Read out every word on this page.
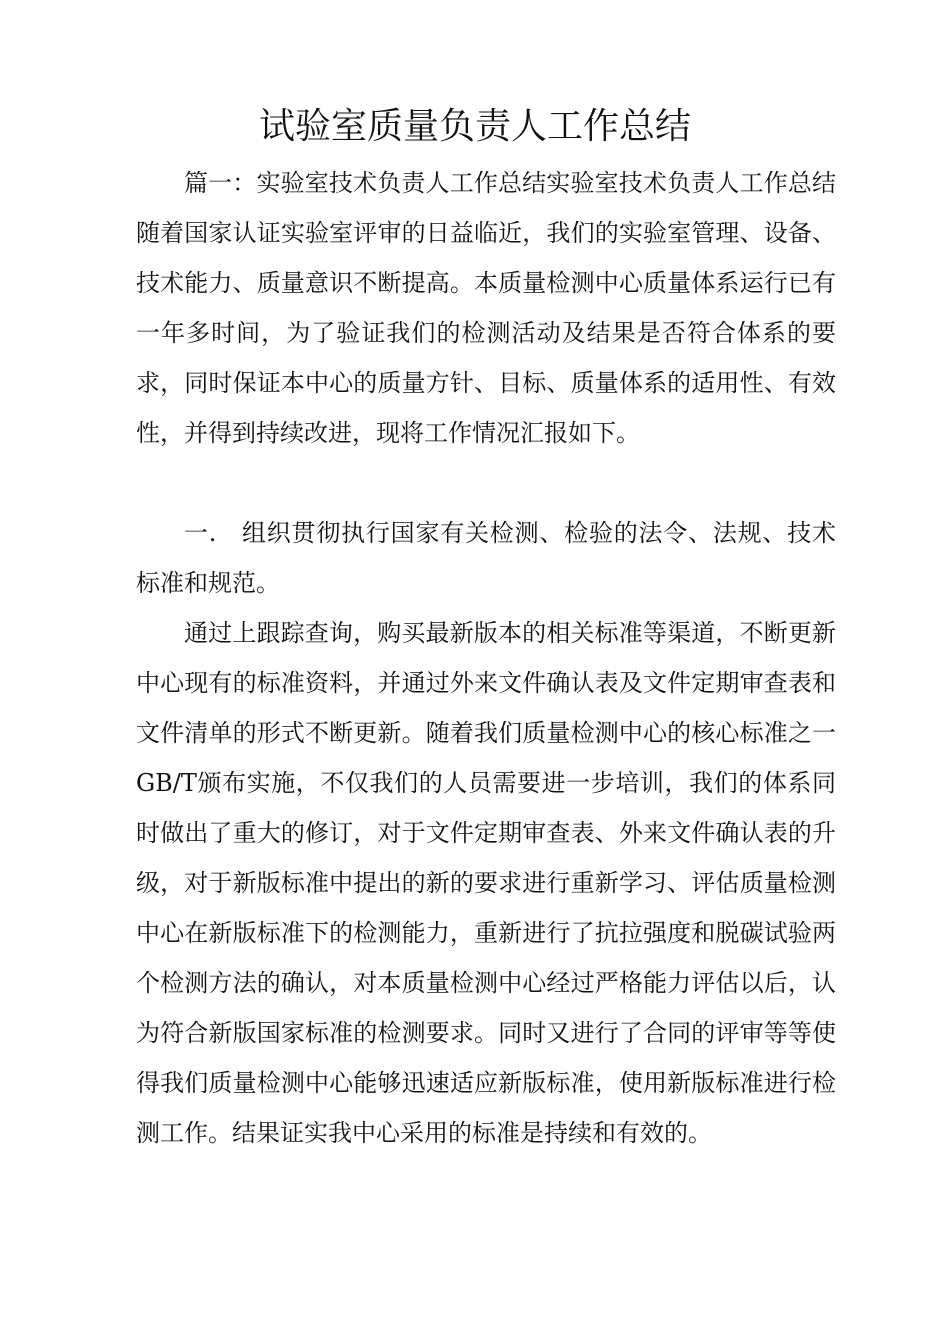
试验室质量负责人工作总结

篇一：实验室技术负责人工作总结实验室技术负责人工作总结随着国家认证实验室评审的日益临近，我们的实验室管理、设备、技术能力、质量意识不断提高。本质量检测中心质量体系运行已有一年多时间，为了验证我们的检测活动及结果是否符合体系的要求，同时保证本中心的质量方针、目标、质量体系的适用性、有效性，并得到持续改进，现将工作情况汇报如下。

一.　组织贯彻执行国家有关检测、检验的法令、法规、技术标准和规范。

通过上跟踪查询，购买最新版本的相关标准等渠道，不断更新中心现有的标准资料，并通过外来文件确认表及文件定期审查表和文件清单的形式不断更新。随着我们质量检测中心的核心标准之一GB/T颁布实施，不仅我们的人员需要进一步培训，我们的体系同时做出了重大的修订，对于文件定期审查表、外来文件确认表的升级，对于新版标准中提出的新的要求进行重新学习、评估质量检测中心在新版标准下的检测能力，重新进行了抗拉强度和脱碳试验两个检测方法的确认，对本质量检测中心经过严格能力评估以后，认为符合新版国家标准的检测要求。同时又进行了合同的评审等等使得我们质量检测中心能够迅速适应新版标准，使用新版标准进行检测工作。结果证实我中心采用的标准是持续和有效的。
